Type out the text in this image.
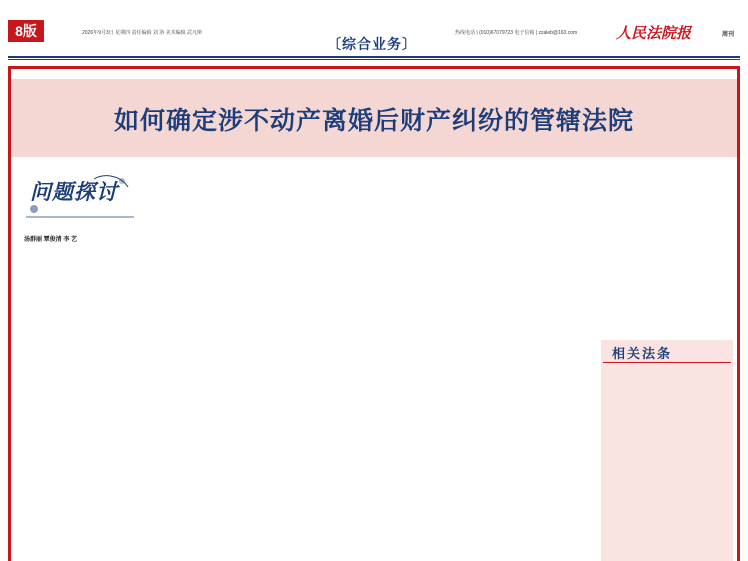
8版	2026年9月3日 星期四 责任编辑 刘 洛 美术编辑 武凡斯
〔综合业务〕
热线电话 | (010)67079723 电子信箱 | zzaleb@163.com	人民法院报	周刊
如何确定涉不动产离婚后财产纠纷的管辖法院
问题探讨
汤群丽 覃俊清 李 艺
相关法条
